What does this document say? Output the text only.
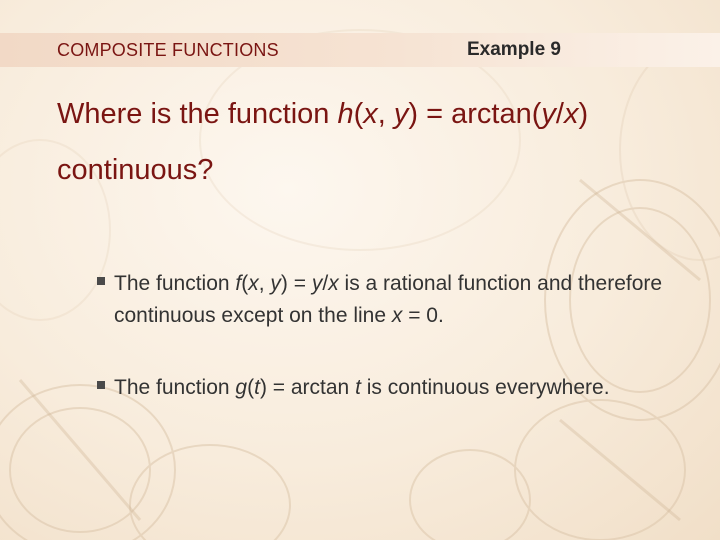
COMPOSITE FUNCTIONS	Example 9

Where is the function h(x, y) = arctan(y/x)
continuous?
The function f(x, y) = y/x is a rational function and therefore continuous except on the line x = 0.
The function g(t) = arctan t is continuous everywhere.
